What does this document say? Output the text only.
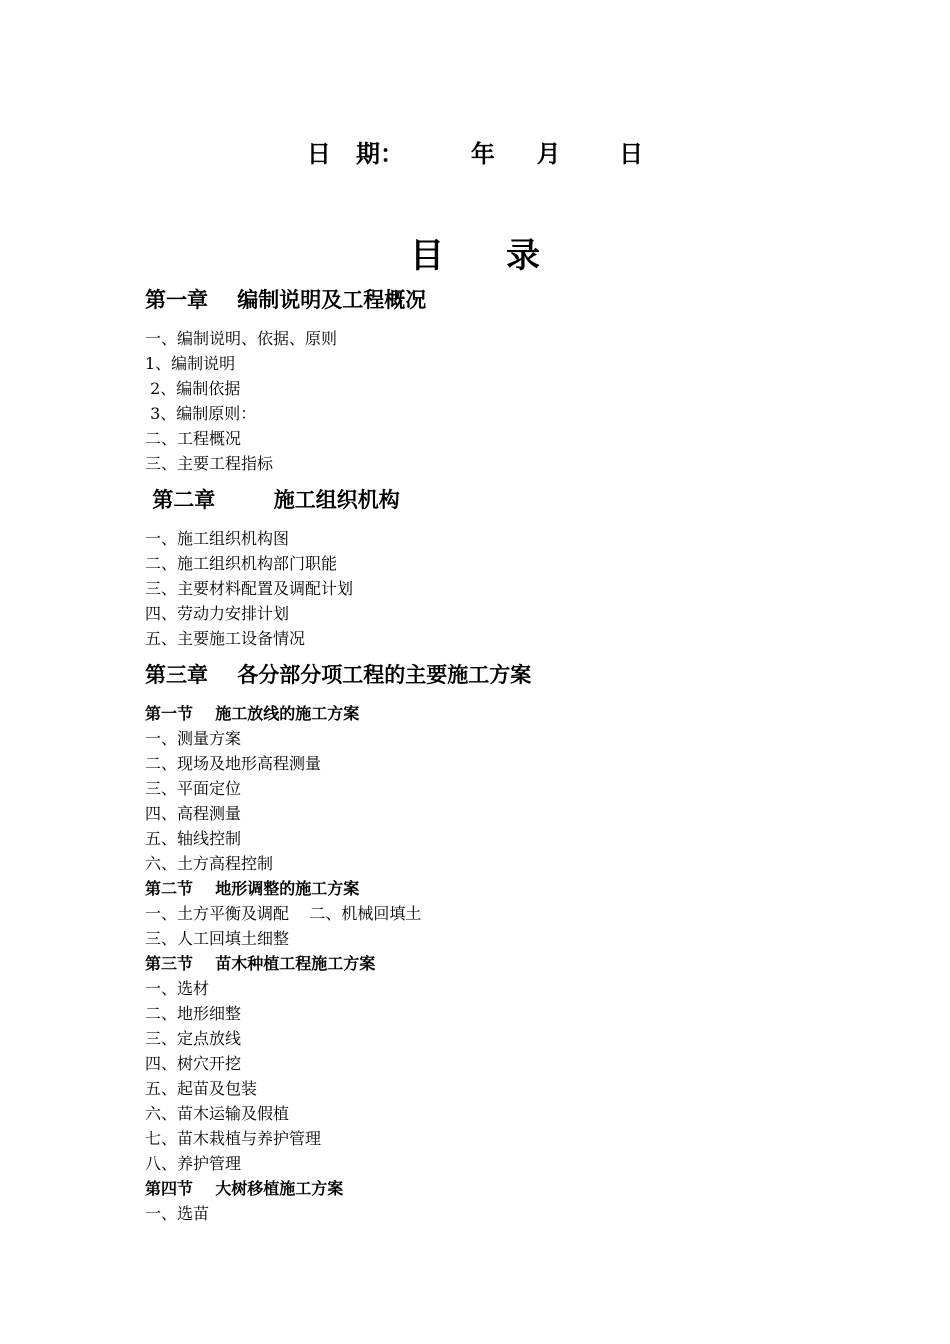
日   期：        年     月       日
目录
第一章    编制说明及工程概况
一、编制说明、依据、原则
1、编制说明
2、编制依据
3、编制原则：
二、工程概况
三、主要工程指标
第二章        施工组织机构
一、施工组织机构图
二、施工组织机构部门职能
三、主要材料配置及调配计划
四、劳动力安排计划
五、主要施工设备情况
第三章    各分部分项工程的主要施工方案
第一节    施工放线的施工方案
一、测量方案
二、现场及地形高程测量
三、平面定位
四、高程测量
五、轴线控制
六、土方高程控制
第二节    地形调整的施工方案
一、土方平衡及调配    二、机械回填土
三、人工回填土细整
第三节    苗木种植工程施工方案
一、选材
二、地形细整
三、定点放线
四、树穴开挖
五、起苗及包装
六、苗木运输及假植
七、苗木栽植与养护管理
八、养护管理
第四节    大树移植施工方案
一、选苗
